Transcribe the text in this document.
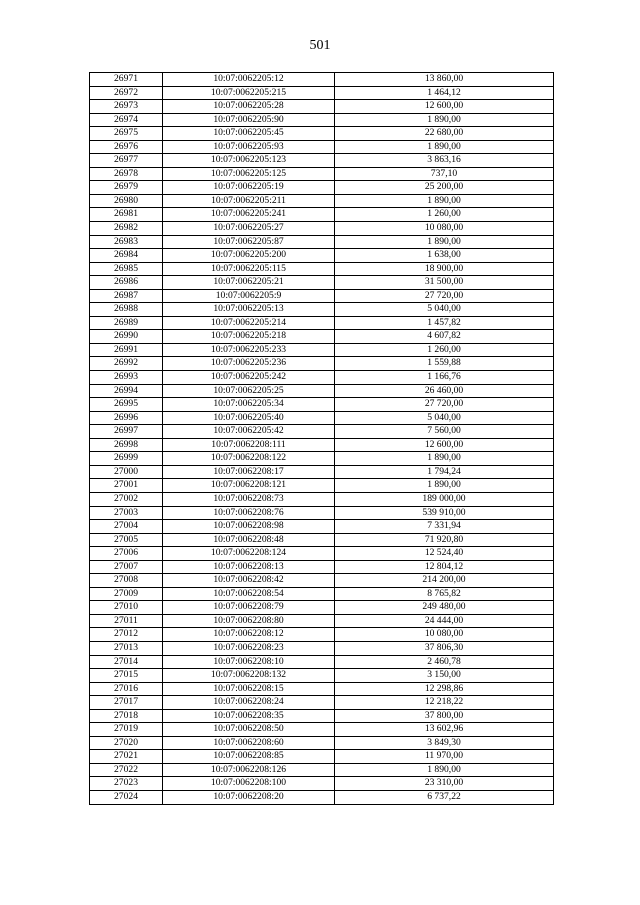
501
26971	10:07:0062205:12	13 860,00
26972	10:07:0062205:215	1 464,12
26973	10:07:0062205:28	12 600,00
26974	10:07:0062205:90	1 890,00
26975	10:07:0062205:45	22 680,00
26976	10:07:0062205:93	1 890,00
26977	10:07:0062205:123	3 863,16
26978	10:07:0062205:125	737,10
26979	10:07:0062205:19	25 200,00
26980	10:07:0062205:211	1 890,00
26981	10:07:0062205:241	1 260,00
26982	10:07:0062205:27	10 080,00
26983	10:07:0062205:87	1 890,00
26984	10:07:0062205:200	1 638,00
26985	10:07:0062205:115	18 900,00
26986	10:07:0062205:21	31 500,00
26987	10:07:0062205:9	27 720,00
26988	10:07:0062205:13	5 040,00
26989	10:07:0062205:214	1 457,82
26990	10:07:0062205:218	4 607,82
26991	10:07:0062205:233	1 260,00
26992	10:07:0062205:236	1 559,88
26993	10:07:0062205:242	1 166,76
26994	10:07:0062205:25	26 460,00
26995	10:07:0062205:34	27 720,00
26996	10:07:0062205:40	5 040,00
26997	10:07:0062205:42	7 560,00
26998	10:07:0062208:111	12 600,00
26999	10:07:0062208:122	1 890,00
27000	10:07:0062208:17	1 794,24
27001	10:07:0062208:121	1 890,00
27002	10:07:0062208:73	189 000,00
27003	10:07:0062208:76	539 910,00
27004	10:07:0062208:98	7 331,94
27005	10:07:0062208:48	71 920,80
27006	10:07:0062208:124	12 524,40
27007	10:07:0062208:13	12 804,12
27008	10:07:0062208:42	214 200,00
27009	10:07:0062208:54	8 765,82
27010	10:07:0062208:79	249 480,00
27011	10:07:0062208:80	24 444,00
27012	10:07:0062208:12	10 080,00
27013	10:07:0062208:23	37 806,30
27014	10:07:0062208:10	2 460,78
27015	10:07:0062208:132	3 150,00
27016	10:07:0062208:15	12 298,86
27017	10:07:0062208:24	12 218,22
27018	10:07:0062208:35	37 800,00
27019	10:07:0062208:50	13 602,96
27020	10:07:0062208:60	3 849,30
27021	10:07:0062208:85	11 970,00
27022	10:07:0062208:126	1 890,00
27023	10:07:0062208:100	23 310,00
27024	10:07:0062208:20	6 737,22
